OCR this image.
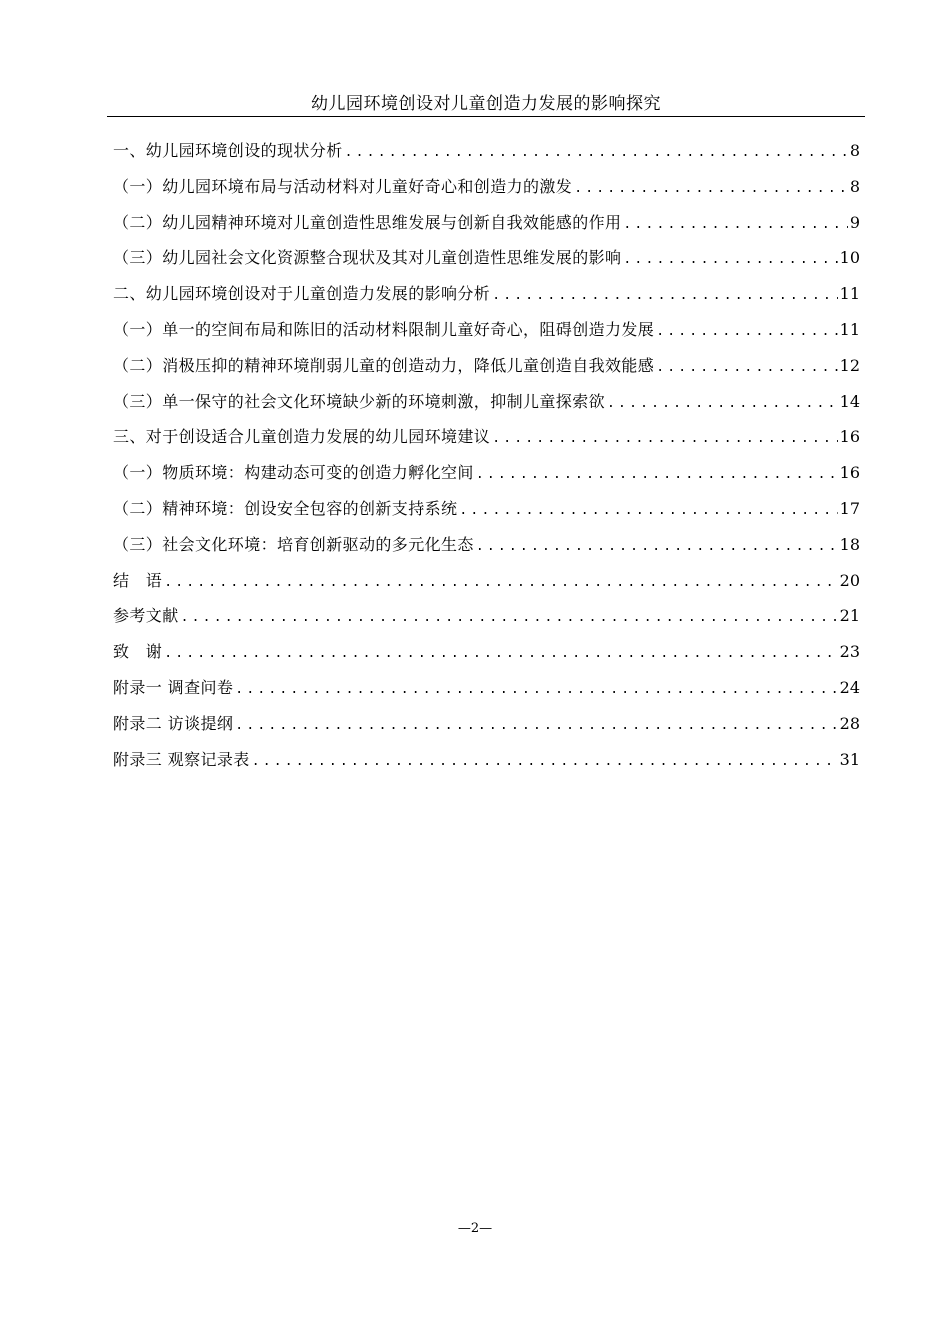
幼儿园环境创设对儿童创造力发展的影响探究
一、幼儿园环境创设的现状分析 .....	8
（一）幼儿园环境布局与活动材料对儿童好奇心和创造力的激发 .....	8
（二）幼儿园精神环境对儿童创造性思维发展与创新自我效能感的作用 .....	9
（三）幼儿园社会文化资源整合现状及其对儿童创造性思维发展的影响 .....	10
二、幼儿园环境创设对于儿童创造力发展的影响分析 .....	11
（一）单一的空间布局和陈旧的活动材料限制儿童好奇心，阻碍创造力发展 .....	11
（二）消极压抑的精神环境削弱儿童的创造动力，降低儿童创造自我效能感 .....	12
（三）单一保守的社会文化环境缺少新的环境刺激，抑制儿童探索欲 .....	14
三、对于创设适合儿童创造力发展的幼儿园环境建议 .....	16
（一）物质环境：构建动态可变的创造力孵化空间 .....	16
（二）精神环境：创设安全包容的创新支持系统 .....	17
（三）社会文化环境：培育创新驱动的多元化生态 .....	18
结　语 .....	20
参考文献 .....	21
致　谢 .....	23
附录一 调查问卷 .....	24
附录二 访谈提纲 .....	28
附录三 观察记录表 .....	31
—2—
